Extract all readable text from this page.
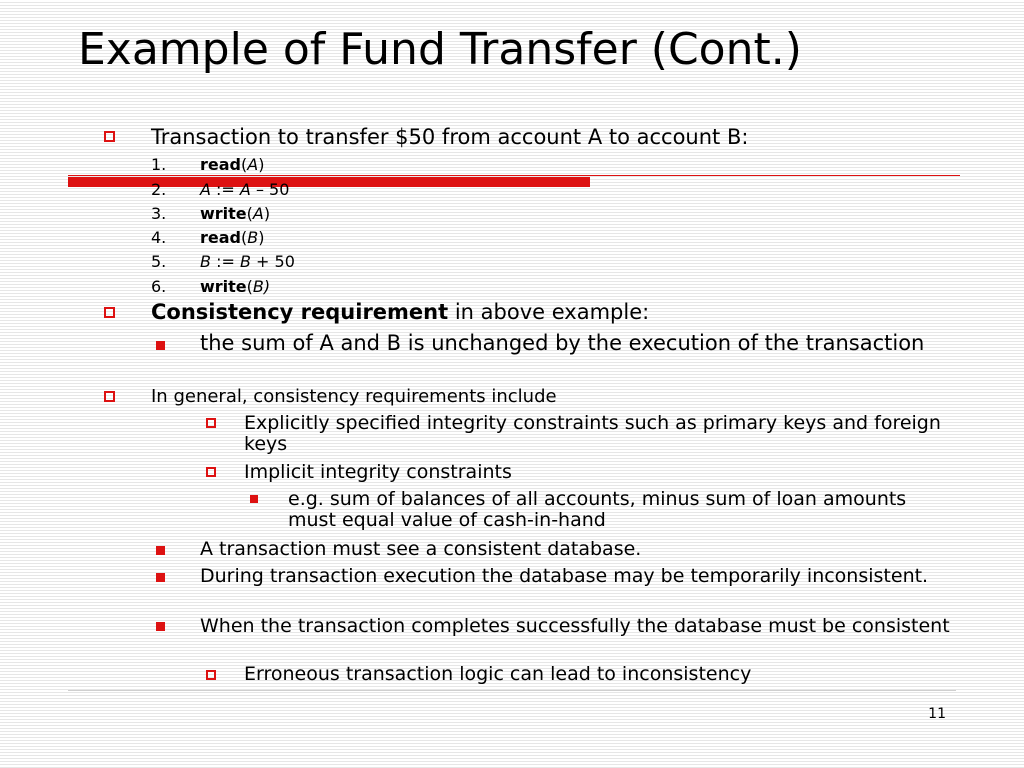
Example of Fund Transfer (Cont.)
Transaction to transfer $50 from account A to account B:
1. read(A)
2. A := A – 50
3. write(A)
4. read(B)
5. B := B + 50
6. write(B)
Consistency requirement in above example:
the sum of A and B is unchanged by the execution of the transaction
In general, consistency requirements include
Explicitly specified integrity constraints such as primary keys and foreign keys
Implicit integrity constraints
e.g. sum of balances of all accounts, minus sum of loan amounts must equal value of cash-in-hand
A transaction must see a consistent database.
During transaction execution the database may be temporarily inconsistent.
When the transaction completes successfully the database must be consistent
Erroneous transaction logic can lead to inconsistency
11
